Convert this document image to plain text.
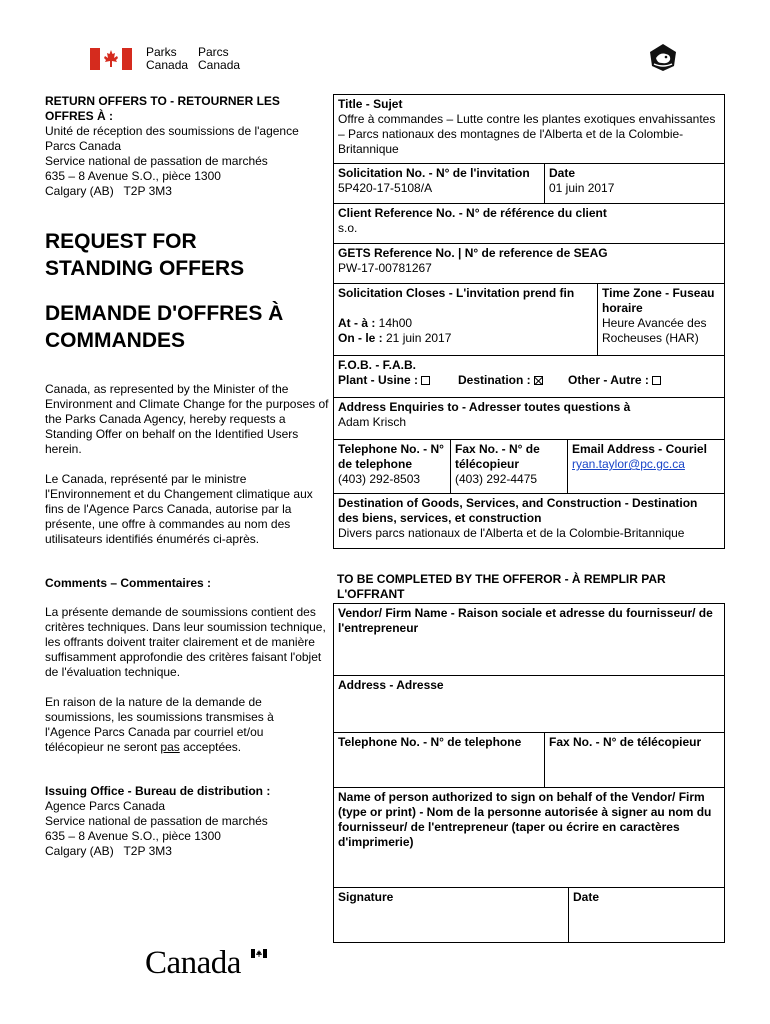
Parks
Canada
Parcs
Canada
RETURN OFFERS TO - RETOURNER LES OFFRES À :
Unité de réception des soumissions de l'agence
Parcs Canada
Service national de passation de marchés
635 – 8 Avenue S.O., pièce 1300
Calgary (AB)   T2P 3M3
REQUEST FOR
STANDING OFFERS
DEMANDE D'OFFRES À
COMMANDES
Canada, as represented by the Minister of the Environment and Climate Change for the purposes of the Parks Canada Agency, hereby requests a Standing Offer on behalf on the Identified Users herein.
Le Canada, représenté par le ministre l'Environnement et du Changement climatique aux fins de l'Agence Parcs Canada, autorise par la présente, une offre à commandes au nom des utilisateurs identifiés énumérés ci-après.
Comments – Commentaires :
La présente demande de soumissions contient des critères techniques. Dans leur soumission technique, les offrants doivent traiter clairement et de manière suffisamment approfondie des critères faisant l'objet de l'évaluation technique.
En raison de la nature de la demande de soumissions, les soumissions transmises à l'Agence Parcs Canada par courriel et/ou télécopieur ne seront pas acceptées.
Issuing Office - Bureau de distribution :
Agence Parcs Canada
Service national de passation de marchés
635 – 8 Avenue S.O., pièce 1300
Calgary (AB)   T2P 3M3
Title - Sujet
Offre à commandes – Lutte contre les plantes exotiques envahissantes – Parcs nationaux des montagnes de l'Alberta et de la Colombie-Britannique
Solicitation No. - N° de l'invitation
5P420-17-5108/A
Date
01 juin 2017
Client Reference No. - N° de référence du client
s.o.
GETS Reference No. | N° de reference de SEAG
PW-17-00781267
Solicitation Closes - L'invitation prend fin
At - à : 14h00
On - le : 21 juin 2017
Time Zone - Fuseau horaire
Heure Avancée des Rocheuses (HAR)
F.O.B. - F.A.B.
Plant - Usine :	Destination :	Other - Autre :
Address Enquiries to - Adresser toutes questions à
Adam Krisch
Telephone No. - N° de telephone
(403) 292-8503
Fax No. - N° de télécopieur
(403) 292-4475
Email Address - Couriel
ryan.taylor@pc.gc.ca
Destination of Goods, Services, and Construction - Destination des biens, services, et construction
Divers parcs nationaux de l'Alberta et de la Colombie-Britannique
TO BE COMPLETED BY THE OFFEROR - À REMPLIR PAR L'OFFRANT
Vendor/ Firm Name - Raison sociale et adresse du fournisseur/ de l'entrepreneur
Address - Adresse
Telephone No. - N° de telephone	Fax No. - N° de télécopieur
Name of person authorized to sign on behalf of the Vendor/ Firm (type or print) - Nom de la personne autorisée à signer au nom du fournisseur/ de l'entrepreneur (taper ou écrire en caractères d'imprimerie)
Signature	Date
Canada
